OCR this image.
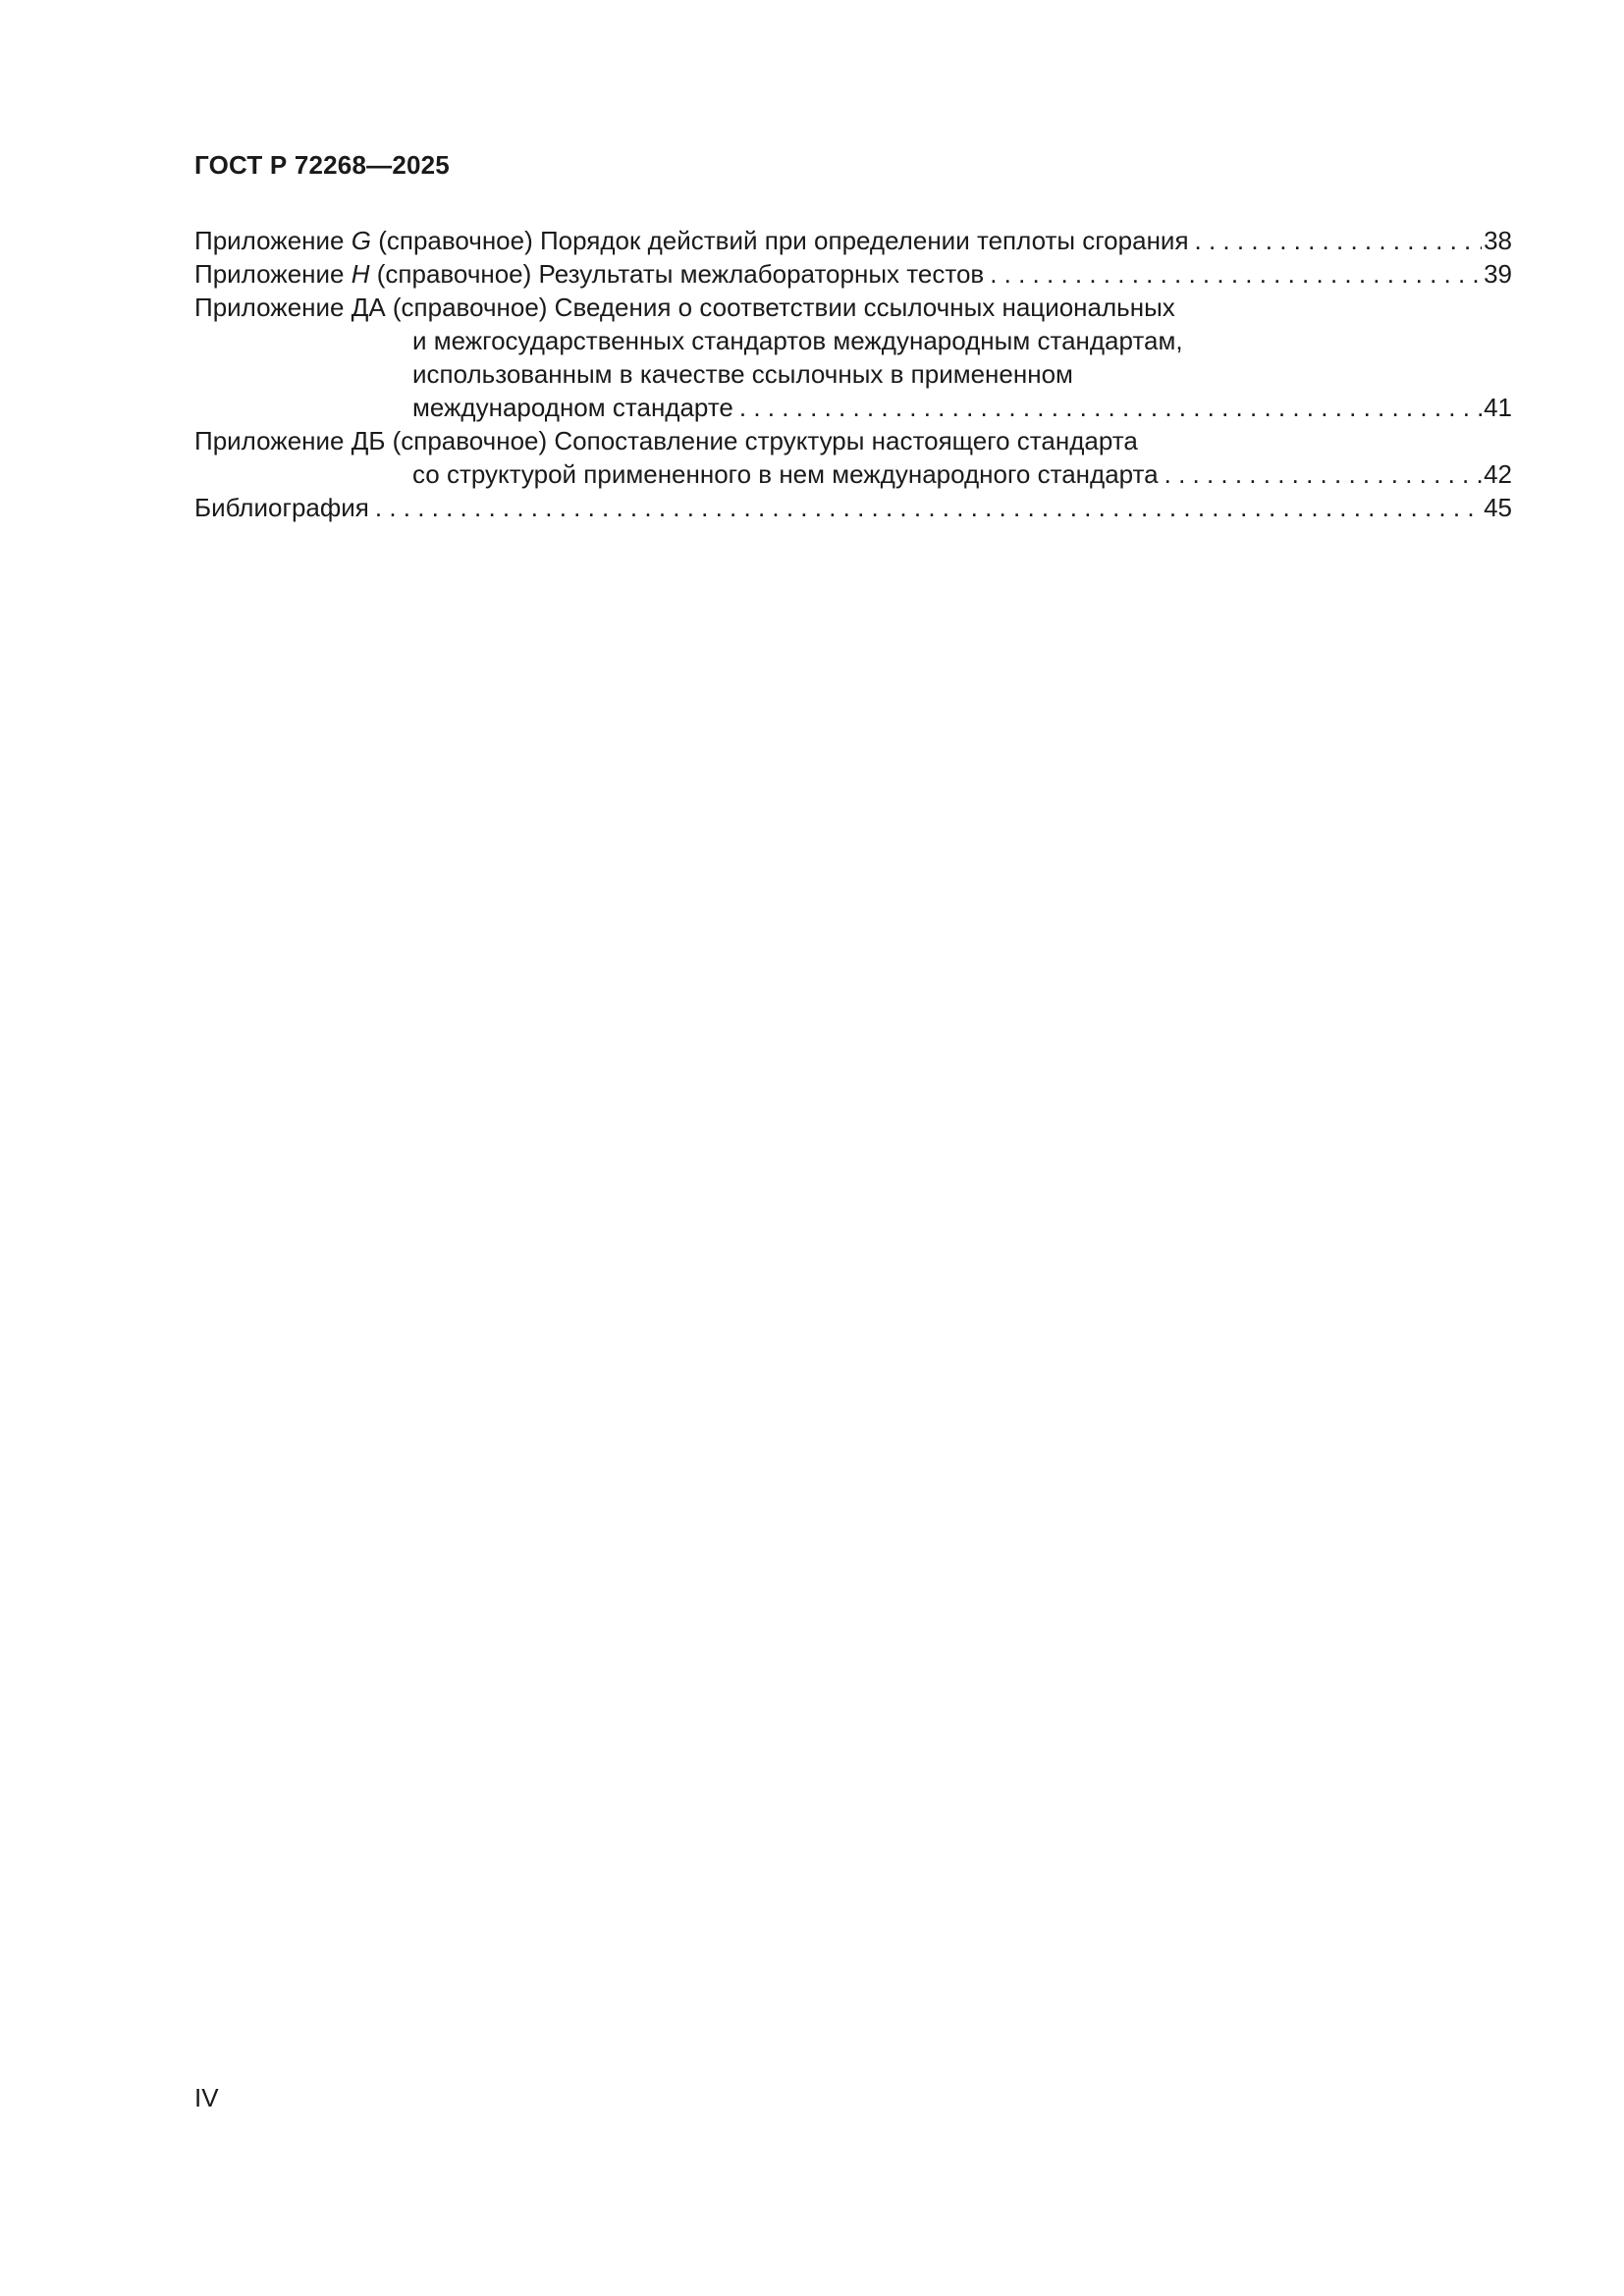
ГОСТ Р 72268—2025
Приложение G (справочное) Порядок действий при определении теплоты сгорания . . .	38
Приложение H (справочное) Результаты межлабораторных тестов . . .	39
Приложение ДА (справочное) Сведения о соответствии ссылочных национальных
и межгосударственных стандартов международным стандартам,
использованным в качестве ссылочных в примененном
международном стандарте . . .	41
Приложение ДБ (справочное) Сопоставление структуры настоящего стандарта
со структурой примененного в нем международного стандарта . . .	42
Библиография . . .	45
IV
